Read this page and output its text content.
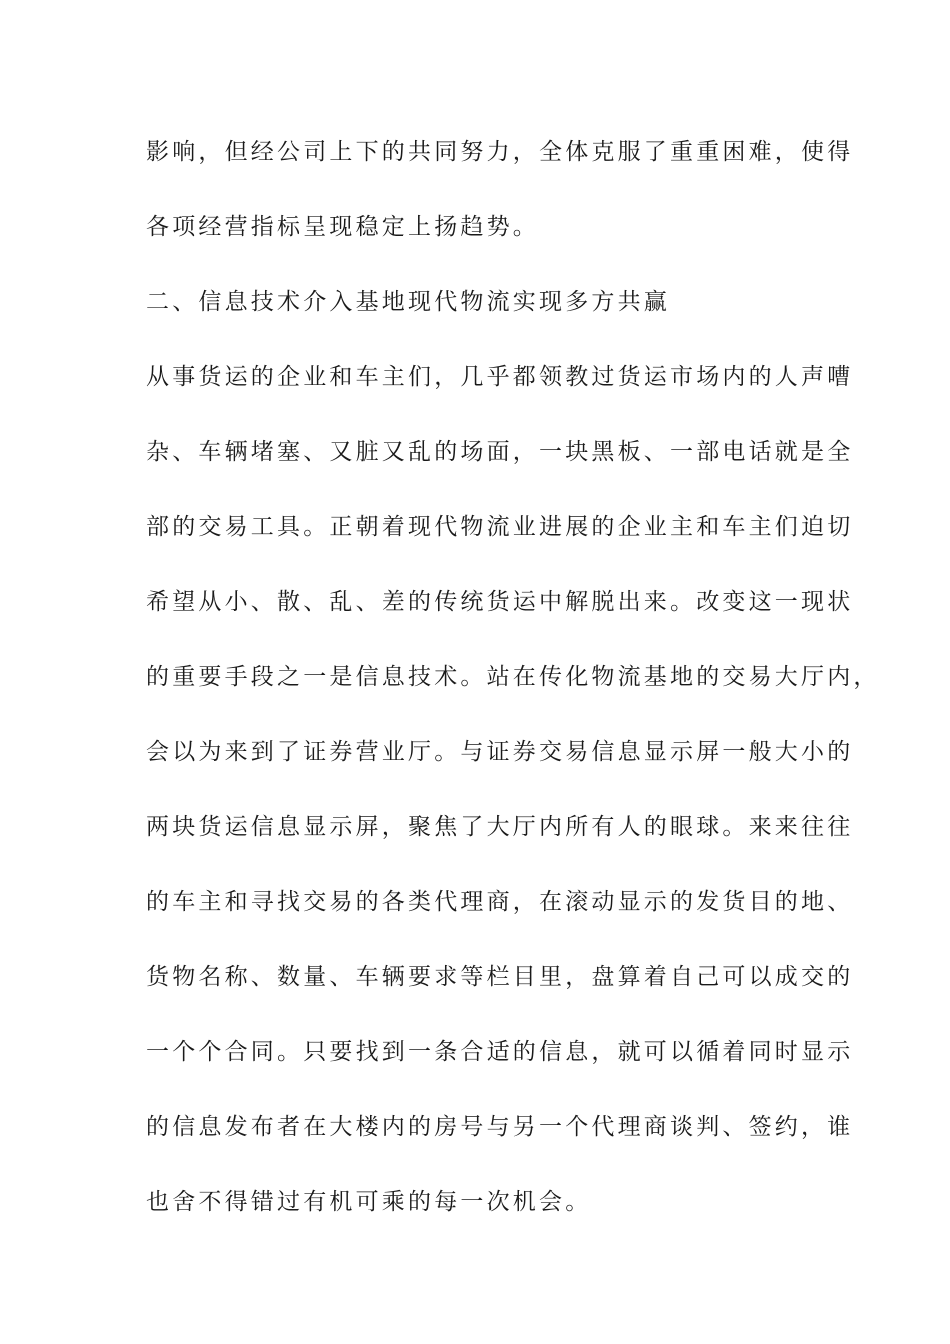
影响，但经公司上下的共同努力，全体克服了重重困难，使得
各项经营指标呈现稳定上扬趋势。
二、信息技术介入基地现代物流实现多方共赢
从事货运的企业和车主们，几乎都领教过货运市场内的人声嘈
杂、车辆堵塞、又脏又乱的场面，一块黑板、一部电话就是全
部的交易工具。正朝着现代物流业进展的企业主和车主们迫切
希望从小、散、乱、差的传统货运中解脱出来。改变这一现状
的重要手段之一是信息技术。站在传化物流基地的交易大厅内，
会以为来到了证券营业厅。与证券交易信息显示屏一般大小的
两块货运信息显示屏，聚焦了大厅内所有人的眼球。来来往往
的车主和寻找交易的各类代理商，在滚动显示的发货目的地、
货物名称、数量、车辆要求等栏目里，盘算着自己可以成交的
一个个合同。只要找到一条合适的信息，就可以循着同时显示
的信息发布者在大楼内的房号与另一个代理商谈判、签约，谁
也舍不得错过有机可乘的每一次机会。
